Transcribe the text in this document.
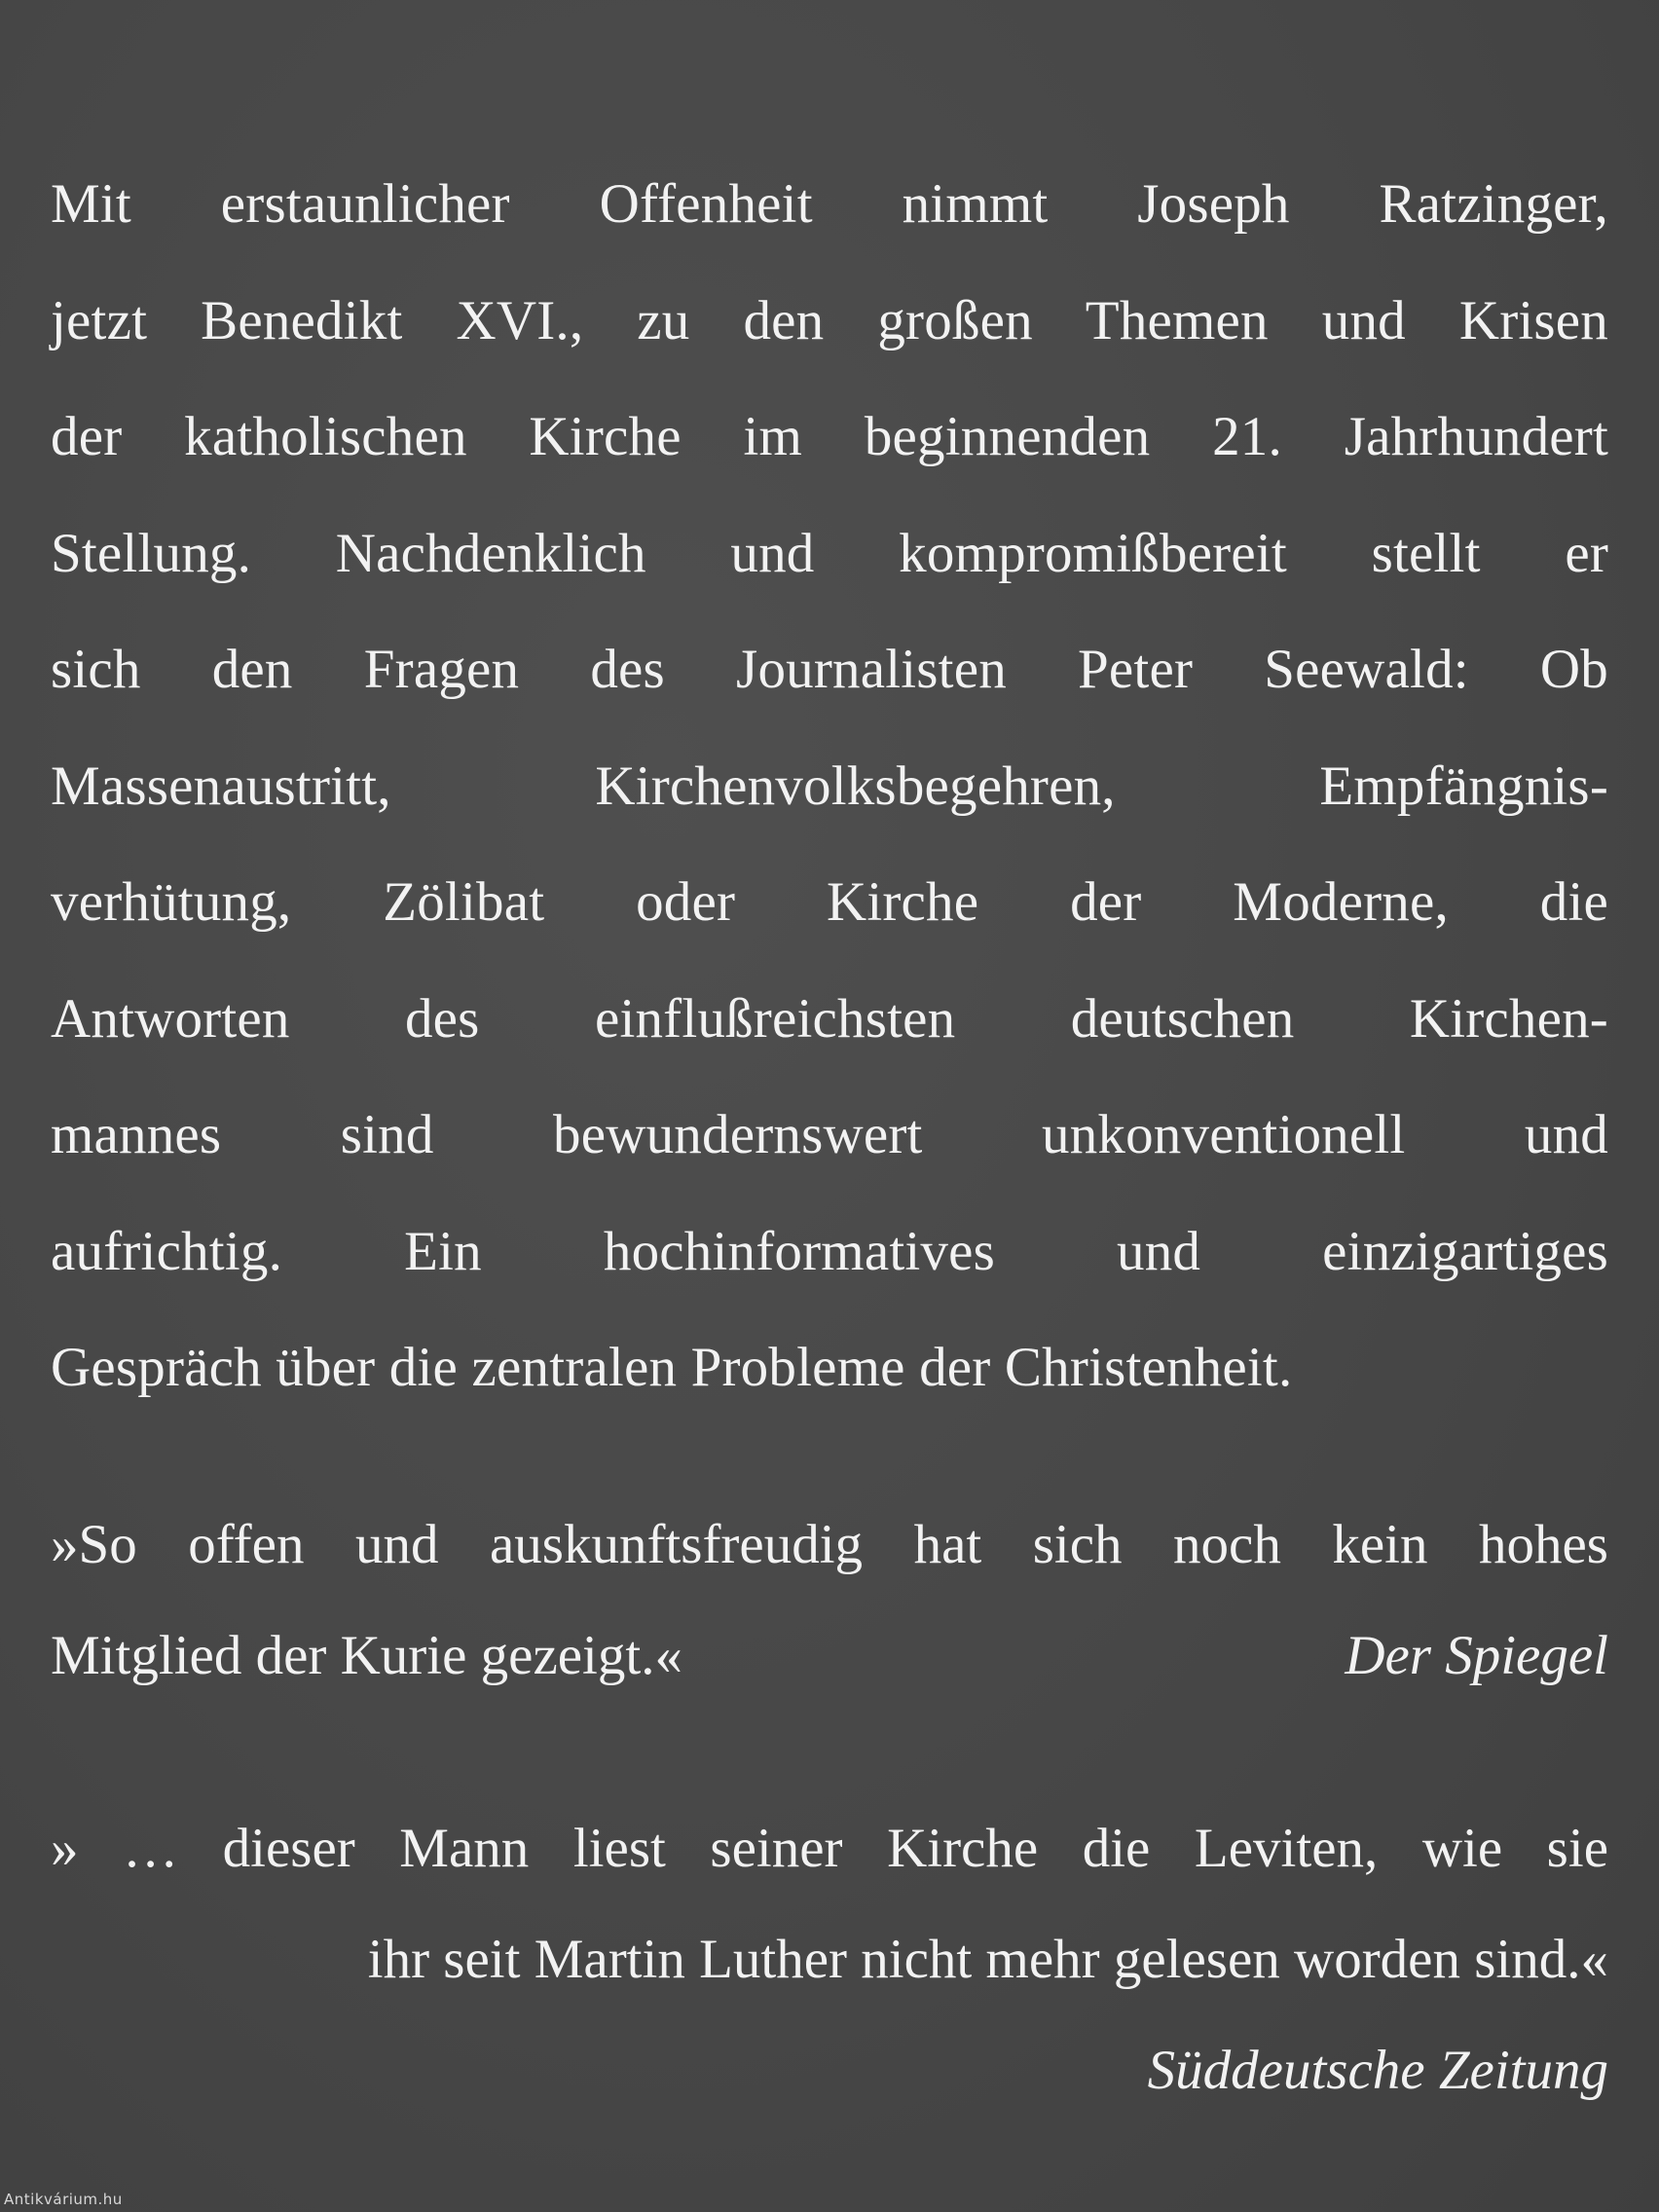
Mit erstaunlicher Offenheit nimmt Joseph Ratzinger,
jetzt Benedikt XVI., zu den großen Themen und Krisen
der katholischen Kirche im beginnenden 21. Jahrhundert
Stellung. Nachdenklich und kompromißbereit stellt er
sich den Fragen des Journalisten Peter Seewald: Ob
Massenaustritt, Kirchenvolksbegehren, Empfängnis-
verhütung, Zölibat oder Kirche der Moderne, die
Antworten des einflußreichsten deutschen Kirchen-
mannes sind bewundernswert unkonventionell und
aufrichtig. Ein hochinformatives und einzigartiges
Gespräch über die zentralen Probleme der Christenheit.
»So offen und auskunftsfreudig hat sich noch kein hohes
Mitglied der Kurie gezeigt.«	Der Spiegel
» … dieser Mann liest seiner Kirche die Leviten, wie sie
ihr seit Martin Luther nicht mehr gelesen worden sind.«
Süddeutsche Zeitung
Antikvárium.hu
